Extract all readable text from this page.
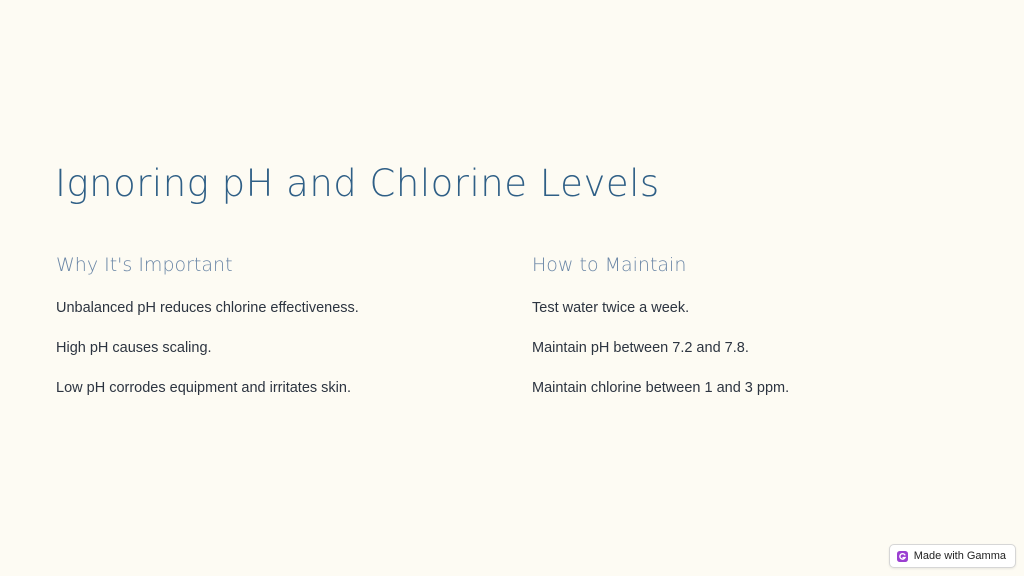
Ignoring pH and Chlorine Levels
Why It's Important
Unbalanced pH reduces chlorine effectiveness.
High pH causes scaling.
Low pH corrodes equipment and irritates skin.
How to Maintain
Test water twice a week.
Maintain pH between 7.2 and 7.8.
Maintain chlorine between 1 and 3 ppm.
Made with Gamma
